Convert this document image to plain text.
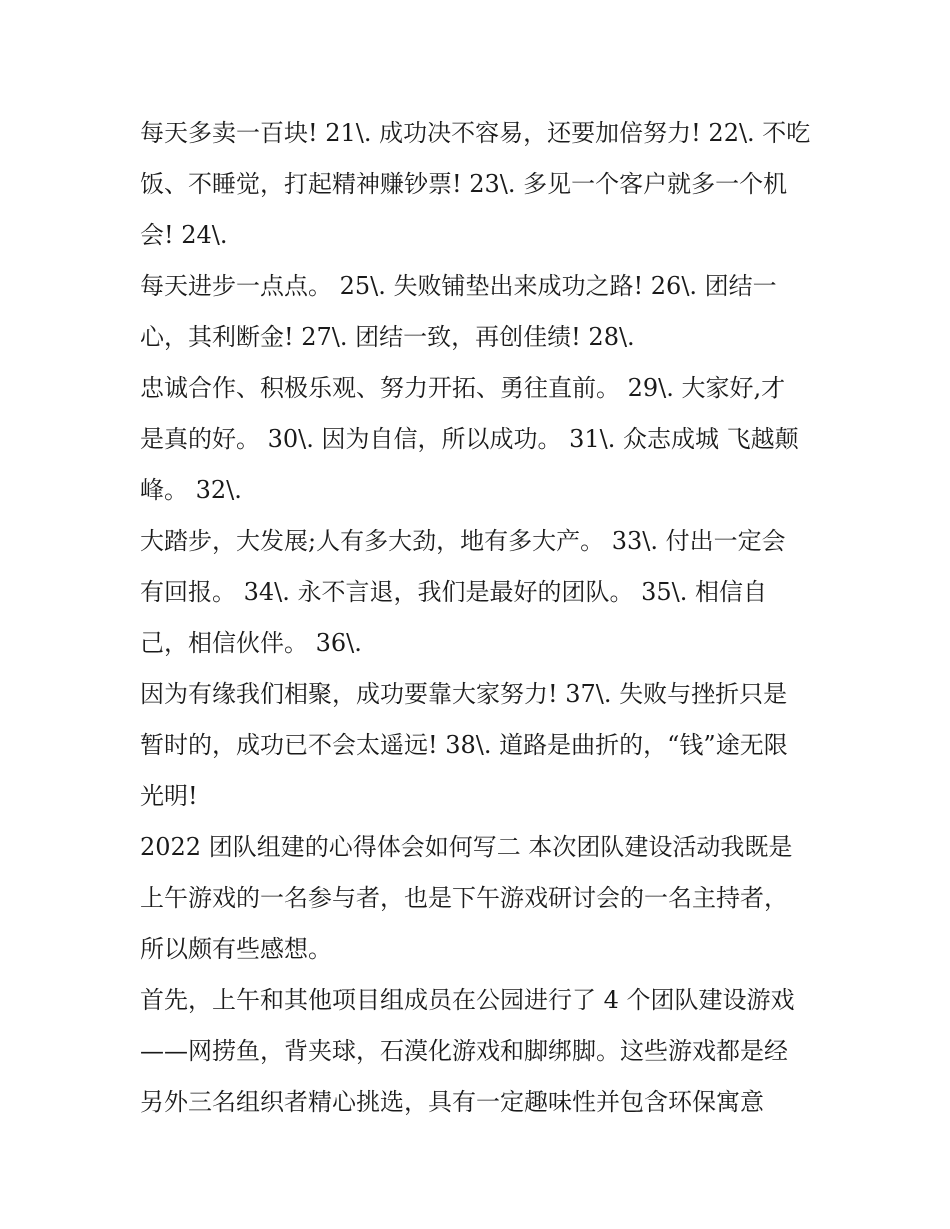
每天多卖一百块! 21\. 成功决不容易，还要加倍努力! 22\. 不吃
饭、不睡觉，打起精神赚钞票! 23\. 多见一个客户就多一个机
会! 24\.

每天进步一点点。 25\. 失败铺垫出来成功之路! 26\. 团结一
心，其利断金! 27\. 团结一致，再创佳绩! 28\.

忠诚合作、积极乐观、努力开拓、勇往直前。 29\. 大家好,才
是真的好。 30\. 因为自信，所以成功。 31\. 众志成城 飞越颠
峰。 32\.

大踏步，大发展;人有多大劲，地有多大产。 33\. 付出一定会
有回报。 34\. 永不言退，我们是最好的团队。 35\. 相信自
己，相信伙伴。 36\.

因为有缘我们相聚，成功要靠大家努力! 37\. 失败与挫折只是
暂时的，成功已不会太遥远! 38\. 道路是曲折的，“钱”途无限
光明!

2022 团队组建的心得体会如何写二 本次团队建设活动我既是
上午游戏的一名参与者，也是下午游戏研讨会的一名主持者，
所以颇有些感想。

首先，上午和其他项目组成员在公园进行了 4 个团队建设游戏
——网捞鱼，背夹球，石漠化游戏和脚绑脚。这些游戏都是经
另外三名组织者精心挑选，具有一定趣味性并包含环保寓意
